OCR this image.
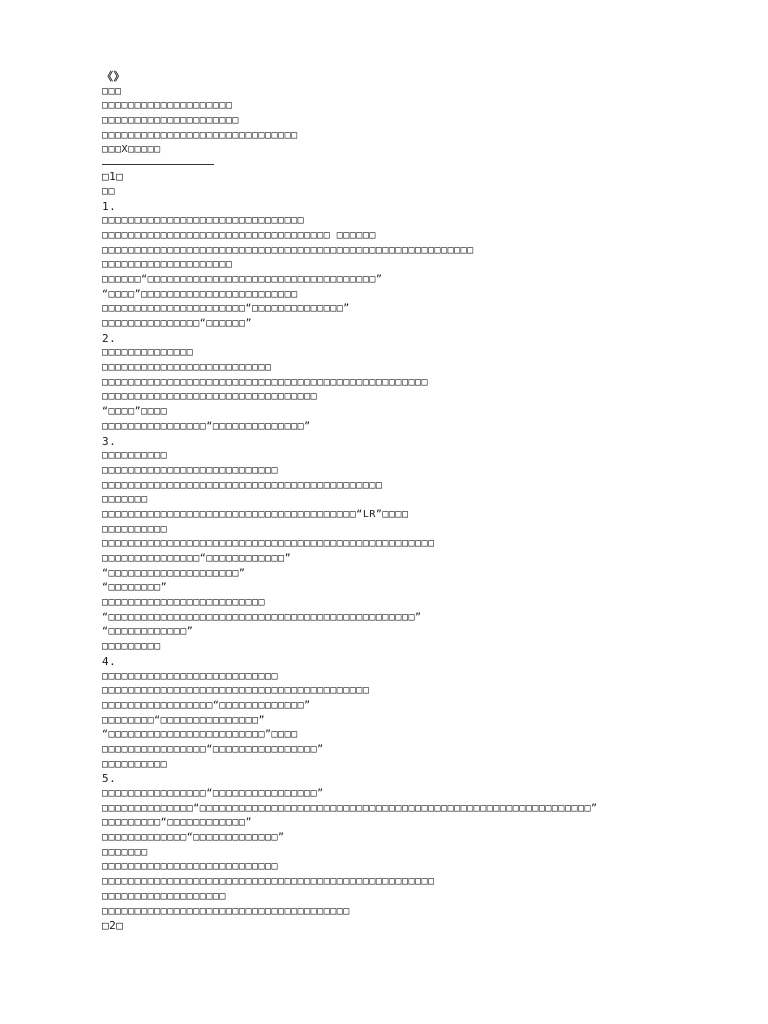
《》
□□□
□□□□□□□□□□□□□□□□□□□□
□□□□□□□□□□□□□□□□□□□□□
□□□□□□□□□□□□□□□□□□□□□□□□□□□□□□
□□□X□□□□□
□1□
□□
1.
□□□□□□□□□□□□□□□□□□□□□□□□□□□□□□□
□□□□□□□□□□□□□□□□□□□□□□□□□□□□□□□□□□□ □□□□□□
□□□□□□□□□□□□□□□□□□□□□□□□□□□□□□□□□□□□□□□□□□□□□□□□□□□□□□□□□
□□□□□□□□□□□□□□□□□□□□
□□□□□□“□□□□□□□□□□□□□□□□□□□□□□□□□□□□□□□□□□□”
“□□□□”□□□□□□□□□□□□□□□□□□□□□□□□
□□□□□□□□□□□□□□□□□□□□□□“□□□□□□□□□□□□□□”
□□□□□□□□□□□□□□□“□□□□□□”
2.
□□□□□□□□□□□□□□
□□□□□□□□□□□□□□□□□□□□□□□□□□
□□□□□□□□□□□□□□□□□□□□□□□□□□□□□□□□□□□□□□□□□□□□□□□□□□
□□□□□□□□□□□□□□□□□□□□□□□□□□□□□□□□□
“□□□□”□□□□
□□□□□□□□□□□□□□□□“□□□□□□□□□□□□□□”
3.
□□□□□□□□□□
□□□□□□□□□□□□□□□□□□□□□□□□□□□
□□□□□□□□□□□□□□□□□□□□□□□□□□□□□□□□□□□□□□□□□□□
□□□□□□□
□□□□□□□□□□□□□□□□□□□□□□□□□□□□□□□□□□□□□□□“LR”□□□□
□□□□□□□□□□
□□□□□□□□□□□□□□□□□□□□□□□□□□□□□□□□□□□□□□□□□□□□□□□□□□□
□□□□□□□□□□□□□□□“□□□□□□□□□□□□”
“□□□□□□□□□□□□□□□□□□□□”
“□□□□□□□□”
□□□□□□□□□□□□□□□□□□□□□□□□□
“□□□□□□□□□□□□□□□□□□□□□□□□□□□□□□□□□□□□□□□□□□□□□□□”
“□□□□□□□□□□□□”
□□□□□□□□□
4.
□□□□□□□□□□□□□□□□□□□□□□□□□□□
□□□□□□□□□□□□□□□□□□□□□□□□□□□□□□□□□□□□□□□□□
□□□□□□□□□□□□□□□□□“□□□□□□□□□□□□□”
□□□□□□□□“□□□□□□□□□□□□□□□”
“□□□□□□□□□□□□□□□□□□□□□□□□”□□□□
□□□□□□□□□□□□□□□□“□□□□□□□□□□□□□□□□”
□□□□□□□□□□
5.
□□□□□□□□□□□□□□□□“□□□□□□□□□□□□□□□□”
□□□□□□□□□□□□□□“□□□□□□□□□□□□□□□□□□□□□□□□□□□□□□□□□□□□□□□□□□□□□□□□□□□□□□□□□□□□”
□□□□□□□□□“□□□□□□□□□□□□”
□□□□□□□□□□□□□“□□□□□□□□□□□□□”
□□□□□□□
□□□□□□□□□□□□□□□□□□□□□□□□□□□
□□□□□□□□□□□□□□□□□□□□□□□□□□□□□□□□□□□□□□□□□□□□□□□□□□□
□□□□□□□□□□□□□□□□□□□
□□□□□□□□□□□□□□□□□□□□□□□□□□□□□□□□□□□□□□
□2□
